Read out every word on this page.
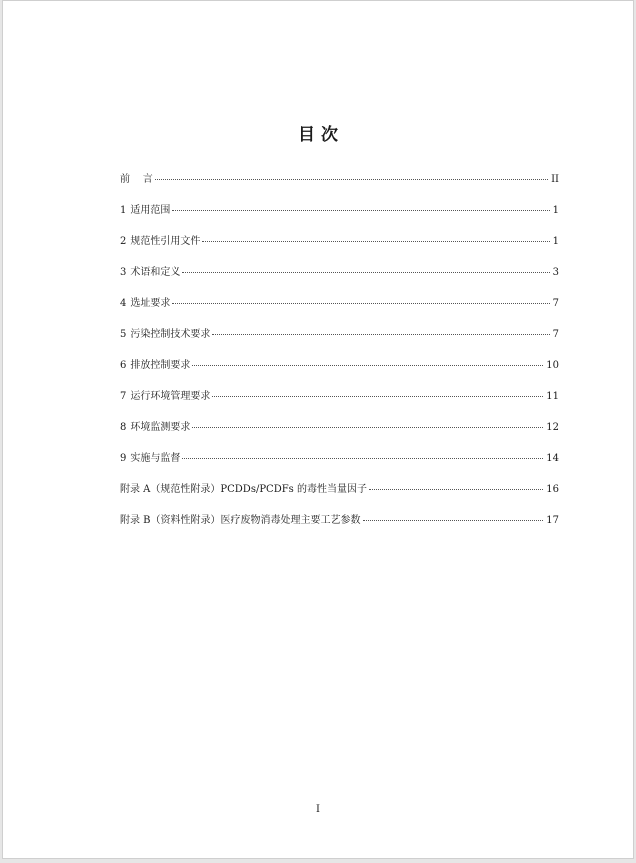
目 次
前    言	II
1 适用范围	1
2 规范性引用文件	1
3 术语和定义	3
4 选址要求	7
5 污染控制技术要求	7
6 排放控制要求	10
7 运行环境管理要求	11
8 环境监测要求	12
9 实施与监督	14
附录 A（规范性附录）PCDDs/PCDFs 的毒性当量因子	16
附录 B（资料性附录）医疗废物消毒处理主要工艺参数	17
I
